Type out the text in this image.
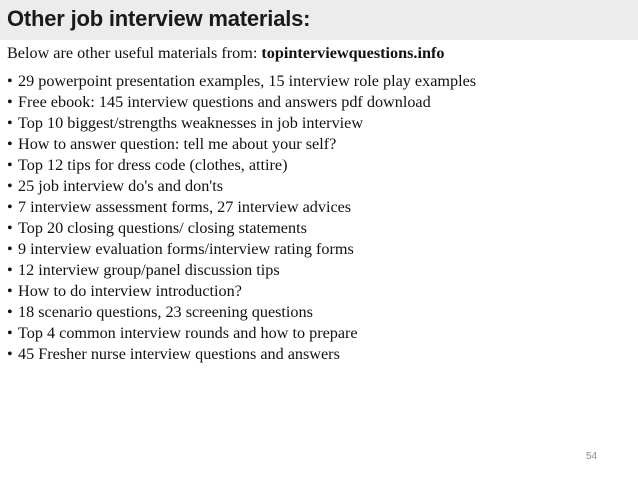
Other job interview materials:
Below are other useful materials from: topinterviewquestions.info
• 29 powerpoint presentation examples, 15 interview role play examples
• Free ebook: 145 interview questions and answers pdf download
• Top 10 biggest/strengths weaknesses in job interview
• How to answer question: tell me about your self?
• Top 12 tips for dress code (clothes, attire)
• 25 job interview do's and don'ts
• 7 interview assessment forms, 27 interview advices
• Top 20 closing questions/ closing statements
• 9 interview evaluation forms/interview rating forms
• 12 interview group/panel discussion tips
• How to do interview introduction?
• 18 scenario questions, 23 screening questions
• Top 4 common interview rounds and how to prepare
• 45 Fresher nurse interview questions and answers
54
